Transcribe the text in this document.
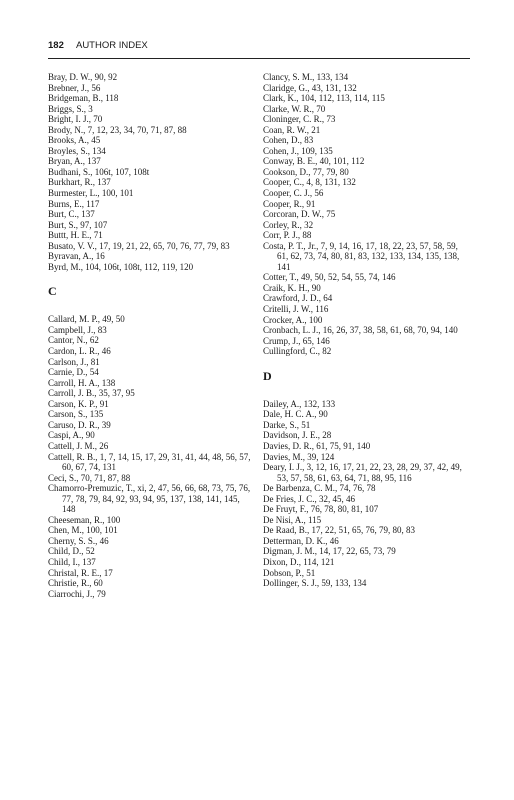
182 AUTHOR INDEX
Bray, D. W., 90, 92
Brebner, J., 56
Bridgeman, B., 118
Briggs, S., 3
Bright, I. J., 70
Brody, N., 7, 12, 23, 34, 70, 71, 87, 88
Brooks, A., 45
Broyles, S., 134
Bryan, A., 137
Budhani, S., 106t, 107, 108t
Burkhart, R., 137
Burmester, L., 100, 101
Burns, E., 117
Burt, C., 137
Burt, S., 97, 107
Buttt, H. E., 71
Busato, V. V., 17, 19, 21, 22, 65, 70, 76, 77, 79, 83
Byravan, A., 16
Byrd, M., 104, 106t, 108t, 112, 119, 120
C
Callard, M. P., 49, 50
Campbell, J., 83
Cantor, N., 62
Cardon, L. R., 46
Carlson, J., 81
Carnie, D., 54
Carroll, H. A., 138
Carroll, J. B., 35, 37, 95
Carson, K. P., 91
Carson, S., 135
Caruso, D. R., 39
Caspi, A., 90
Cattell, J. M., 26
Cattell, R. B., 1, 7, 14, 15, 17, 29, 31, 41, 44, 48, 56, 57, 60, 67, 74, 131
Ceci, S., 70, 71, 87, 88
Chamorro-Premuzic, T., xi, 2, 47, 56, 66, 68, 73, 75, 76, 77, 78, 79, 84, 92, 93, 94, 95, 137, 138, 141, 145, 148
Cheeseman, R., 100
Chen, M., 100, 101
Cherny, S. S., 46
Child, D., 52
Child, I., 137
Christal, R. E., 17
Christie, R., 60
Ciarrochi, J., 79
Clancy, S. M., 133, 134
Claridge, G., 43, 131, 132
Clark, K., 104, 112, 113, 114, 115
Clarke, W. R., 70
Cloninger, C. R., 73
Coan, R. W., 21
Cohen, D., 83
Cohen, J., 109, 135
Conway, B. E., 40, 101, 112
Cookson, D., 77, 79, 80
Cooper, C., 4, 8, 131, 132
Cooper, C. J., 56
Cooper, R., 91
Corcoran, D. W., 75
Corley, R., 32
Corr, P. J., 88
Costa, P. T., Jr., 7, 9, 14, 16, 17, 18, 22, 23, 57, 58, 59, 61, 62, 73, 74, 80, 81, 83, 132, 133, 134, 135, 138, 141
Cotter, T., 49, 50, 52, 54, 55, 74, 146
Craik, K. H., 90
Crawford, J. D., 64
Critelli, J. W., 116
Crocker, A., 100
Cronbach, L. J., 16, 26, 37, 38, 58, 61, 68, 70, 94, 140
Crump, J., 65, 146
Cullingford, C., 82
D
Dailey, A., 132, 133
Dale, H. C. A., 90
Darke, S., 51
Davidson, J. E., 28
Davies, D. R., 61, 75, 91, 140
Davies, M., 39, 124
Deary, I. J., 3, 12, 16, 17, 21, 22, 23, 28, 29, 37, 42, 49, 53, 57, 58, 61, 63, 64, 71, 88, 95, 116
De Barbenza, C. M., 74, 76, 78
De Fries, J. C., 32, 45, 46
De Fruyt, F., 76, 78, 80, 81, 107
De Nisi, A., 115
De Raad, B., 17, 22, 51, 65, 76, 79, 80, 83
Detterman, D. K., 46
Digman, J. M., 14, 17, 22, 65, 73, 79
Dixon, D., 114, 121
Dobson, P., 51
Dollinger, S. J., 59, 133, 134
